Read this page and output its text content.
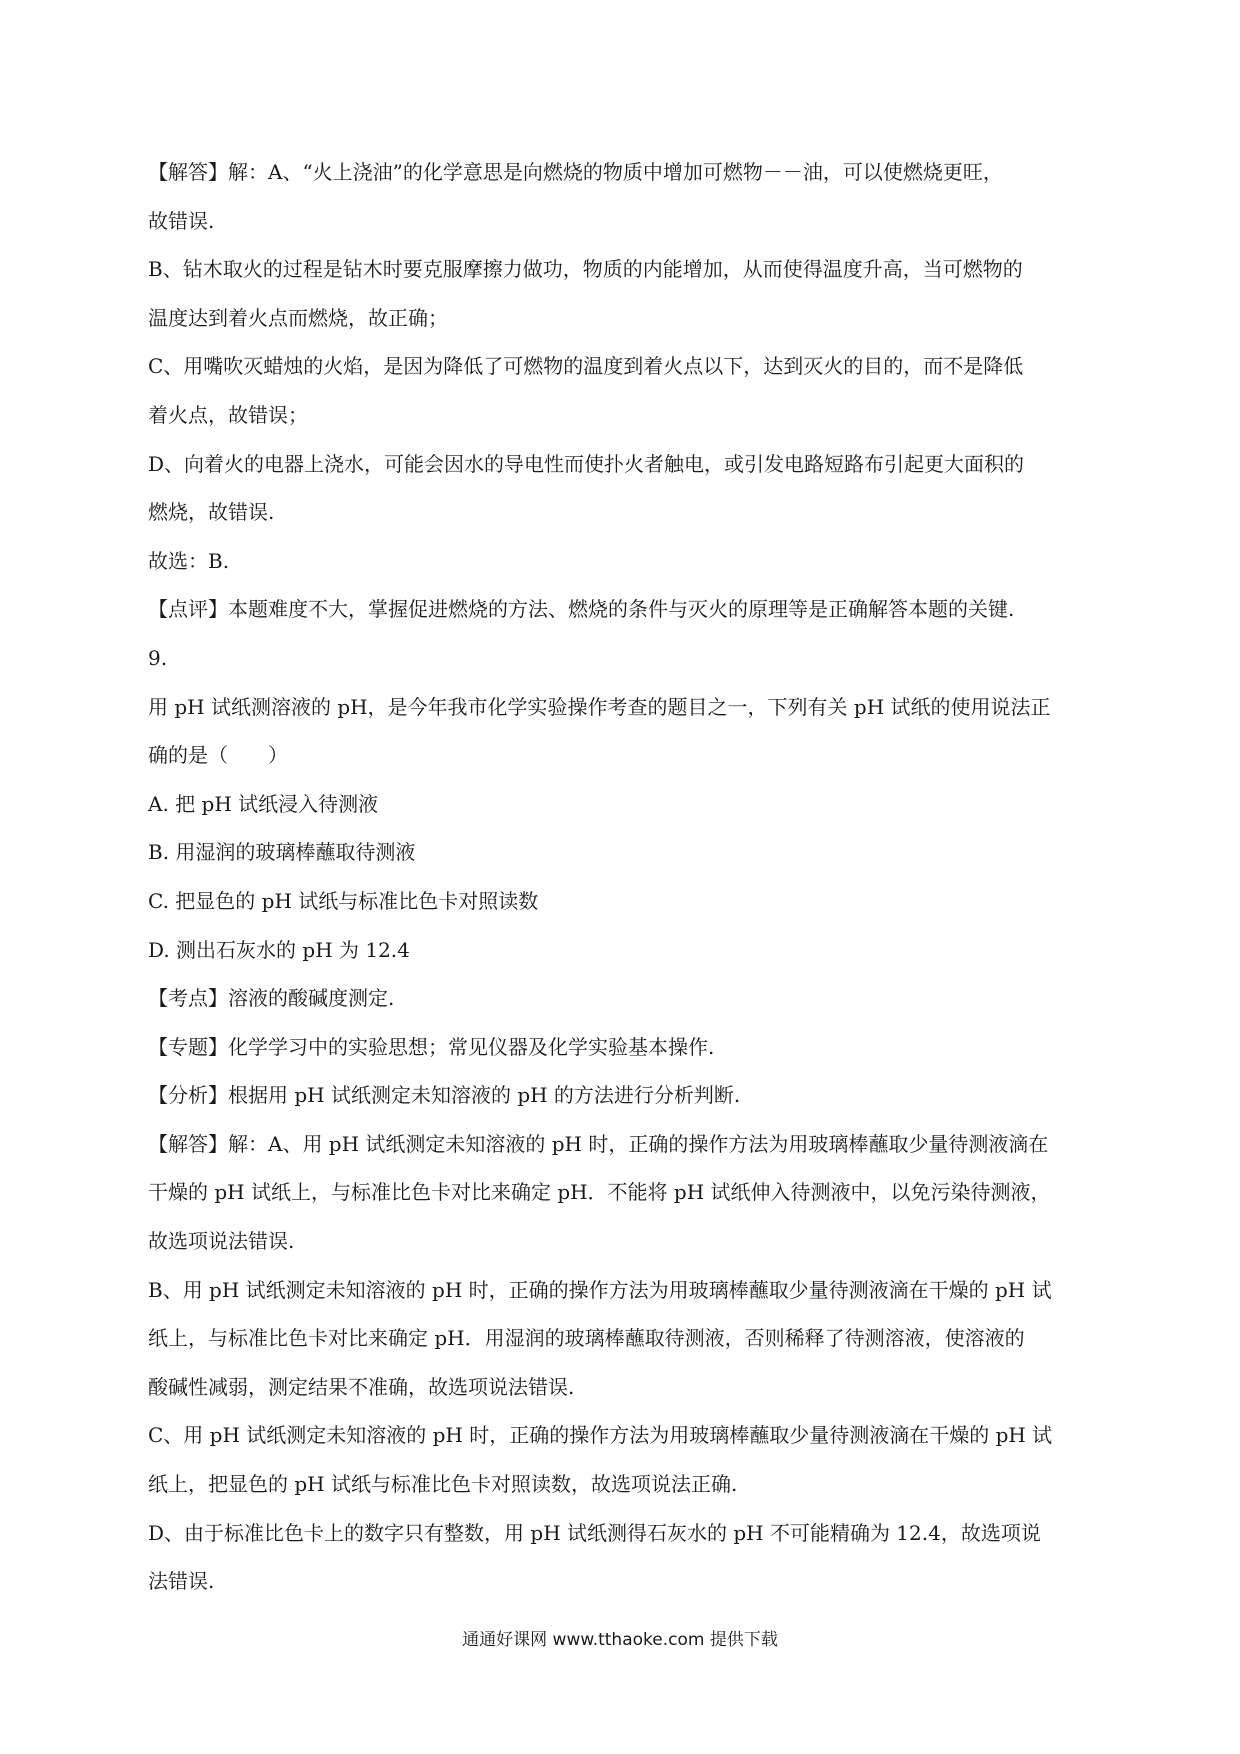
【解答】解：A、“火上浇油”的化学意思是向燃烧的物质中增加可燃物－－油，可以使燃烧更旺，
故错误.
B、钻木取火的过程是钻木时要克服摩擦力做功，物质的内能增加，从而使得温度升高，当可燃物的
温度达到着火点而燃烧，故正确；
C、用嘴吹灭蜡烛的火焰，是因为降低了可燃物的温度到着火点以下，达到灭火的目的，而不是降低
着火点，故错误；
D、向着火的电器上浇水，可能会因水的导电性而使扑火者触电，或引发电路短路布引起更大面积的
燃烧，故错误.
故选：B.
【点评】本题难度不大，掌握促进燃烧的方法、燃烧的条件与灭火的原理等是正确解答本题的关键.
9.
用 pH 试纸测溶液的 pH，是今年我市化学实验操作考查的题目之一，下列有关 pH 试纸的使用说法正
确的是（　　）
A. 把 pH 试纸浸入待测液
B. 用湿润的玻璃棒蘸取待测液
C. 把显色的 pH 试纸与标准比色卡对照读数
D. 测出石灰水的 pH 为 12.4
【考点】溶液的酸碱度测定.
【专题】化学学习中的实验思想；常见仪器及化学实验基本操作.
【分析】根据用 pH 试纸测定未知溶液的 pH 的方法进行分析判断.
【解答】解：A、用 pH 试纸测定未知溶液的 pH 时，正确的操作方法为用玻璃棒蘸取少量待测液滴在
干燥的 pH 试纸上，与标准比色卡对比来确定 pH．不能将 pH 试纸伸入待测液中，以免污染待测液，
故选项说法错误.
B、用 pH 试纸测定未知溶液的 pH 时，正确的操作方法为用玻璃棒蘸取少量待测液滴在干燥的 pH 试
纸上，与标准比色卡对比来确定 pH．用湿润的玻璃棒蘸取待测液，否则稀释了待测溶液，使溶液的
酸碱性减弱，测定结果不准确，故选项说法错误.
C、用 pH 试纸测定未知溶液的 pH 时，正确的操作方法为用玻璃棒蘸取少量待测液滴在干燥的 pH 试
纸上，把显色的 pH 试纸与标准比色卡对照读数，故选项说法正确.
D、由于标准比色卡上的数字只有整数，用 pH 试纸测得石灰水的 pH 不可能精确为 12.4，故选项说
法错误.
通通好课网 www.tthaoke.com 提供下载
